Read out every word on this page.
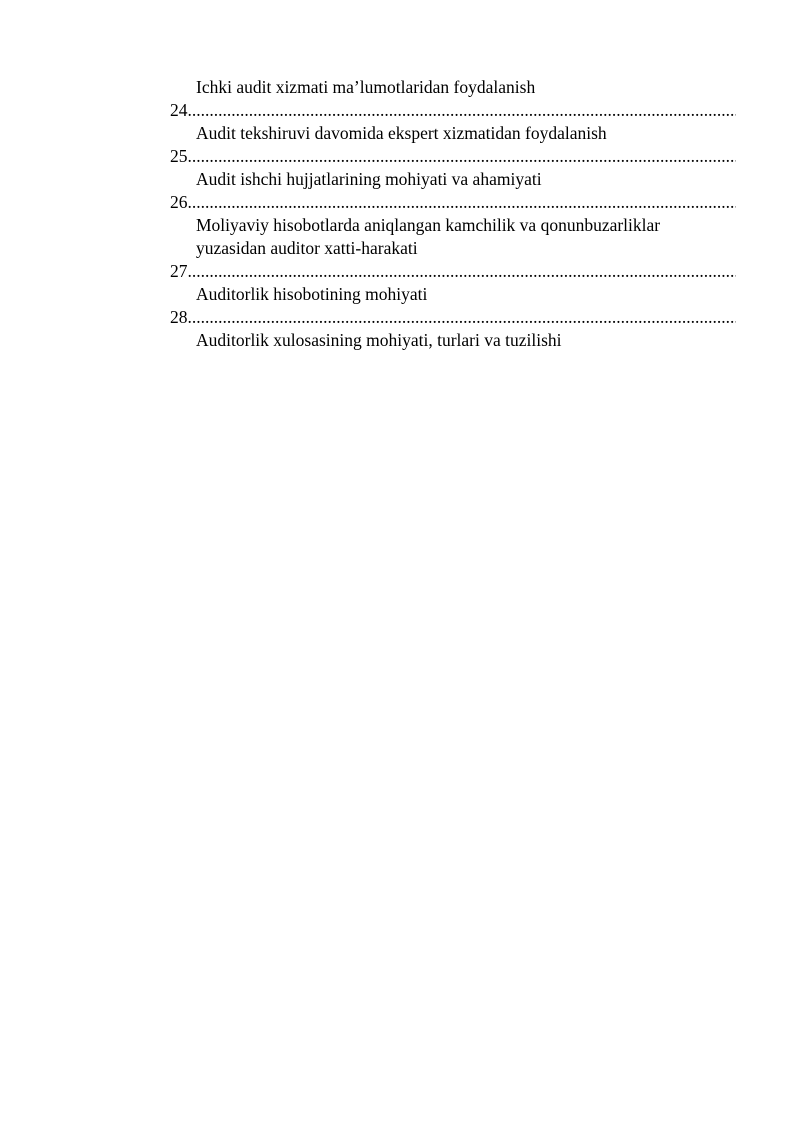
Ichki audit xizmati ma’lumotlaridan foydalanish
24
.....
Audit tekshiruvi davomida ekspert xizmatidan foydalanish
25
.....
Audit ishchi hujjatlarining mohiyati va ahamiyati
26
.....
Moliyaviy hisobotlarda aniqlangan kamchilik va qonunbuzarliklar
yuzasidan auditor xatti-harakati
27
.....
Auditorlik hisobotining mohiyati
28
.....
Auditorlik xulosasining mohiyati, turlari va tuzilishi
